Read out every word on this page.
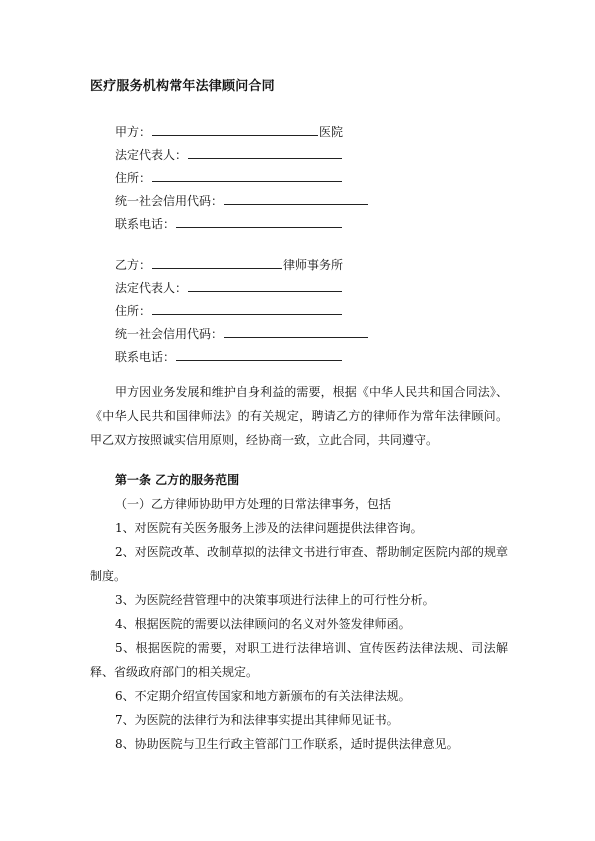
医疗服务机构常年法律顾问合同
甲方：	医院
法定代表人：
住所：
统一社会信用代码：
联系电话：
乙方：	律师事务所
法定代表人：
住所：
统一社会信用代码：
联系电话：
甲方因业务发展和维护自身利益的需要，根据《中华人民共和国合同法》、《中华人民共和国律师法》的有关规定，聘请乙方的律师作为常年法律顾问。甲乙双方按照诚实信用原则，经协商一致，立此合同，共同遵守。
第一条 乙方的服务范围
（一）乙方律师协助甲方处理的日常法律事务，包括
1、对医院有关医务服务上涉及的法律问题提供法律咨询。
2、对医院改革、改制草拟的法律文书进行审查、帮助制定医院内部的规章制度。
3、为医院经营管理中的决策事项进行法律上的可行性分析。
4、根据医院的需要以法律顾问的名义对外签发律师函。
5、根据医院的需要，对职工进行法律培训、宣传医药法律法规、司法解释、省级政府部门的相关规定。
6、不定期介绍宣传国家和地方新颁布的有关法律法规。
7、为医院的法律行为和法律事实提出其律师见证书。
8、协助医院与卫生行政主管部门工作联系，适时提供法律意见。
